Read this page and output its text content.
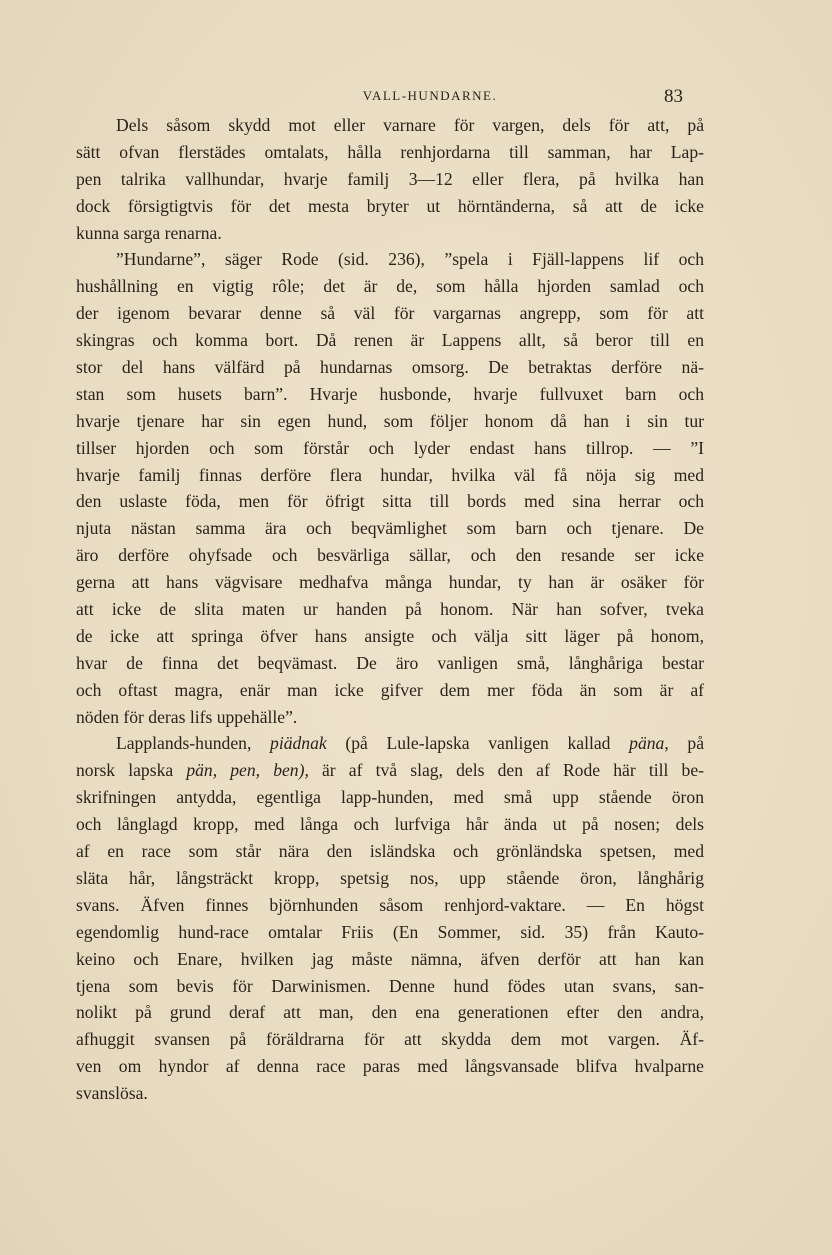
VALL-HUNDARNE.	83
Dels såsom skydd mot eller varnare för vargen, dels för att, på
sätt ofvan flerstädes omtalats, hålla renhjordarna till samman, har Lap-
pen talrika vallhundar, hvarje familj 3—12 eller flera, på hvilka han
dock försigtigtvis för det mesta bryter ut hörntänderna, så att de icke
kunna sarga renarna.
”Hundarne”, säger Rode (sid. 236), ”spela i Fjäll-lappens lif och
hushållning en vigtig rôle; det är de, som hålla hjorden samlad och
der igenom bevarar denne så väl för vargarnas angrepp, som för att
skingras och komma bort. Då renen är Lappens allt, så beror till en
stor del hans välfärd på hundarnas omsorg. De betraktas derföre nä-
stan som husets barn”. Hvarje husbonde, hvarje fullvuxet barn och
hvarje tjenare har sin egen hund, som följer honom då han i sin tur
tillser hjorden och som förstår och lyder endast hans tillrop. — ”I
hvarje familj finnas derföre flera hundar, hvilka väl få nöja sig med
den uslaste föda, men för öfrigt sitta till bords med sina herrar och
njuta nästan samma ära och beqvämlighet som barn och tjenare. De
äro derföre ohyfsade och besvärliga sällar, och den resande ser icke
gerna att hans vägvisare medhafva många hundar, ty han är osäker för
att icke de slita maten ur handen på honom. När han sofver, tveka
de icke att springa öfver hans ansigte och välja sitt läger på honom,
hvar de finna det beqvämast. De äro vanligen små, långhåriga bestar
och oftast magra, enär man icke gifver dem mer föda än som är af
nöden för deras lifs uppehälle”.
Lapplands-hunden, piädnak (på Lule-lapska vanligen kallad päna, på
norsk lapska pän, pen, ben), är af två slag, dels den af Rode här till be-
skrifningen antydda, egentliga lapp-hunden, med små upp stående öron
och långlagd kropp, med långa och lurfviga hår ända ut på nosen; dels
af en race som står nära den isländska och grönländska spetsen, med
släta hår, långsträckt kropp, spetsig nos, upp stående öron, långhårig
svans. Äfven finnes björnhunden såsom renhjord-vaktare. — En högst
egendomlig hund-race omtalar Friis (En Sommer, sid. 35) från Kauto-
keino och Enare, hvilken jag måste nämna, äfven derför att han kan
tjena som bevis för Darwinismen. Denne hund födes utan svans, san-
nolikt på grund deraf att man, den ena generationen efter den andra,
afhuggit svansen på föräldrarna för att skydda dem mot vargen. Äf-
ven om hyndor af denna race paras med långsvansade blifva hvalparne
svanslösa.
